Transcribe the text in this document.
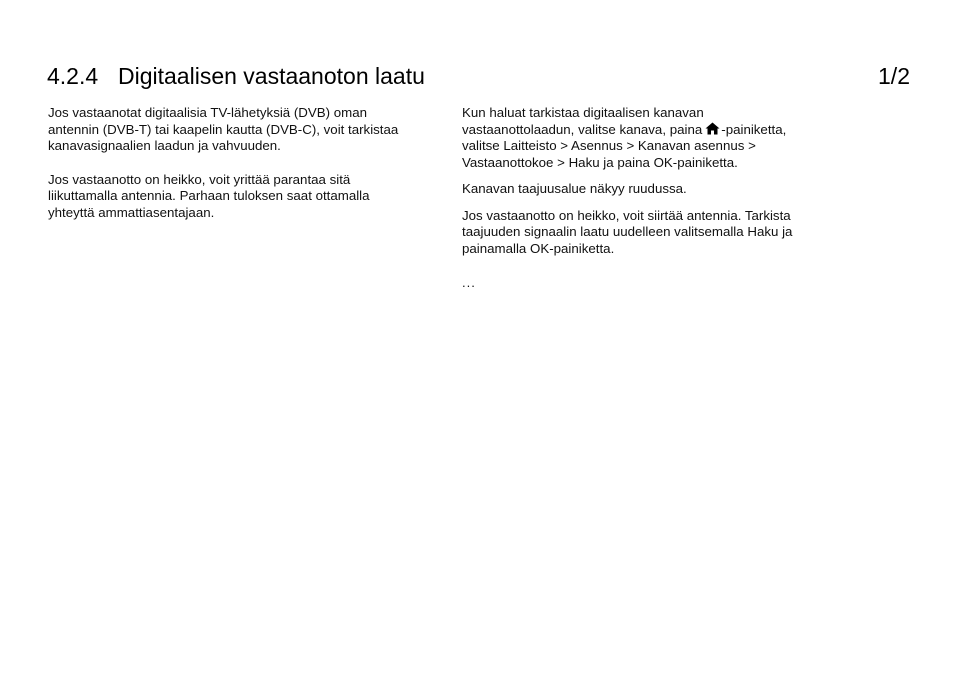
4.2.4 Digitaalisen vastaanoton laatu	1/2

Jos vastaanotat digitaalisia TV-lähetyksiä (DVB) oman
antennin (DVB-T) tai kaapelin kautta (DVB-C), voit tarkistaa
kanavasignaalien laadun ja vahvuuden.

Jos vastaanotto on heikko, voit yrittää parantaa sitä
liikuttamalla antennia. Parhaan tuloksen saat ottamalla
yhteyttä ammattiasentajaan.

Kun haluat tarkistaa digitaalisen kanavan
vastaanottolaadun, valitse kanava, paina -painiketta,
valitse Laitteisto > Asennus > Kanavan asennus >
Vastaanottokoe > Haku ja paina OK-painiketta.

Kanavan taajuusalue näkyy ruudussa.

Jos vastaanotto on heikko, voit siirtää antennia. Tarkista
taajuuden signaalin laatu uudelleen valitsemalla Haku ja
painamalla OK-painiketta.

...
